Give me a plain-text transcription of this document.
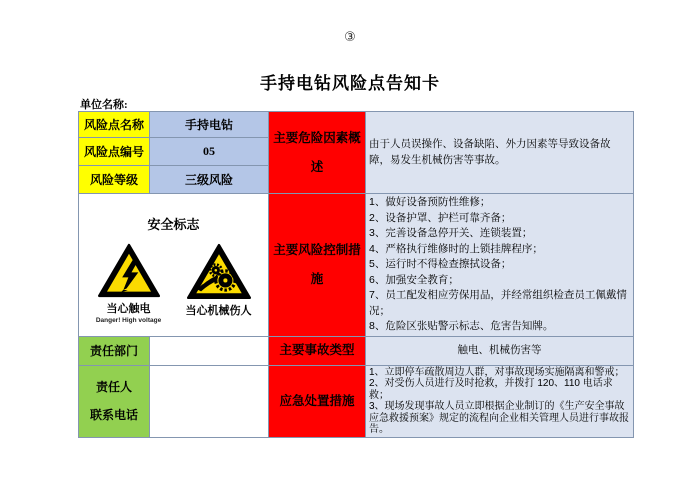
③
手持电钻风险点告知卡
单位名称:
风险点名称	手持电钻	主要危险因素概述	由于人员误操作、设备缺陷、外力因素等导致设备故障，易发生机械伤害等事故。
风险点编号	05		
风险等级	三级风险		

安全标志
当心触电
Danger! High voltage
当心机械伤人
	主要风险控制措施	
1、做好设备预防性维修；
2、设备护罩、护栏可靠齐备；
3、完善设备急停开关、连锁装置；
4、严格执行维修时的上锁挂牌程序；
5、运行时不得检查擦拭设备；
6、加强安全教育；
7、员工配发相应劳保用品，并经常组织检查员工佩戴情况；
8、危险区张贴警示标志、危害告知牌。

责任部门		主要事故类型	触电、机械伤害等

责任人
联系电话
		应急处置措施	
1、立即停车疏散周边人群，对事故现场实施隔离和警戒；
2、对受伤人员进行及时抢救，并拨打 120、110 电话求救；
3、现场发现事故人员立即根据企业制订的《生产安全事故应急救援预案》规定的流程向企业相关管理人员进行事故报告。
